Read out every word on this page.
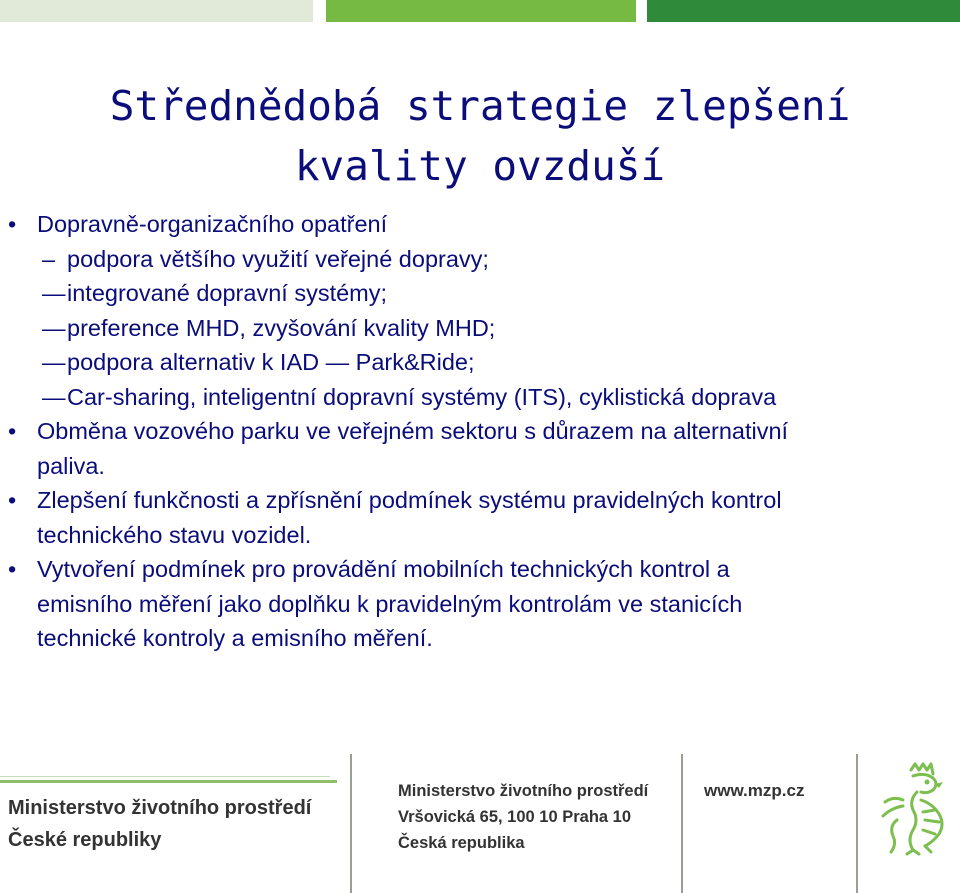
Střednědobá strategie zlepšení
kvality ovzduší
• Dopravně-organizačního opatření
– podpora většího využití veřejné dopravy;
— integrované dopravní systémy;
— preference MHD, zvyšování kvality MHD;
— podpora alternativ k IAD — Park&Ride;
— Car-sharing, inteligentní dopravní systémy (ITS), cyklistická doprava
• Obměna vozového parku ve veřejném sektoru s důrazem na alternativní
paliva.
• Zlepšení funkčnosti a zpřísnění podmínek systému pravidelných kontrol
technického stavu vozidel.
• Vytvoření podmínek pro provádění mobilních technických kontrol a
emisního měření jako doplňku k pravidelným kontrolám ve stanicích
technické kontroly a emisního měření.
Ministerstvo životního prostředí
České republiky
Ministerstvo životního prostředí
Vršovická 65, 100 10 Praha 10
Česká republika
www.mzp.cz
